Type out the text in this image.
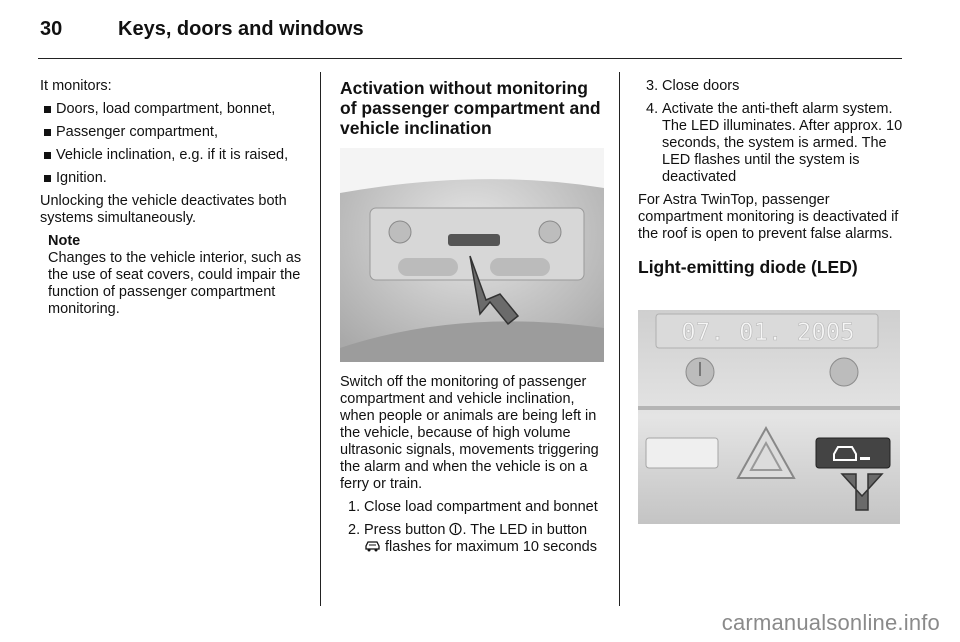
30	Keys, doors and windows

It monitors:

Doors, load compartment, bonnet,
Passenger compartment,
Vehicle inclination, e.g. if it is raised,
Ignition.

Unlocking the vehicle deactivates both systems simultaneously.

Note
Changes to the vehicle interior, such as the use of seat covers, could impair the function of passenger compartment monitoring.
Activation without monitoring of passenger compartment and vehicle inclination

Switch off the monitoring of passenger compartment and vehicle inclination, when people or animals are being left in the vehicle, because of high volume ultrasonic signals, movements triggering the alarm and when the vehicle is on a ferry or train.

1. Close load compartment and bonnet
2. Press button . The LED in button
flashes for maximum 10 seconds
3. Close doors
4. Activate the anti-theft alarm system. The LED illuminates. After approx. 10 seconds, the system is armed. The LED flashes until the system is deactivated

For Astra TwinTop, passenger compartment monitoring is deactivated if the roof is open to prevent false alarms.

Light-emitting diode (LED)
07. 01. 2005
carmanualsonline.info
